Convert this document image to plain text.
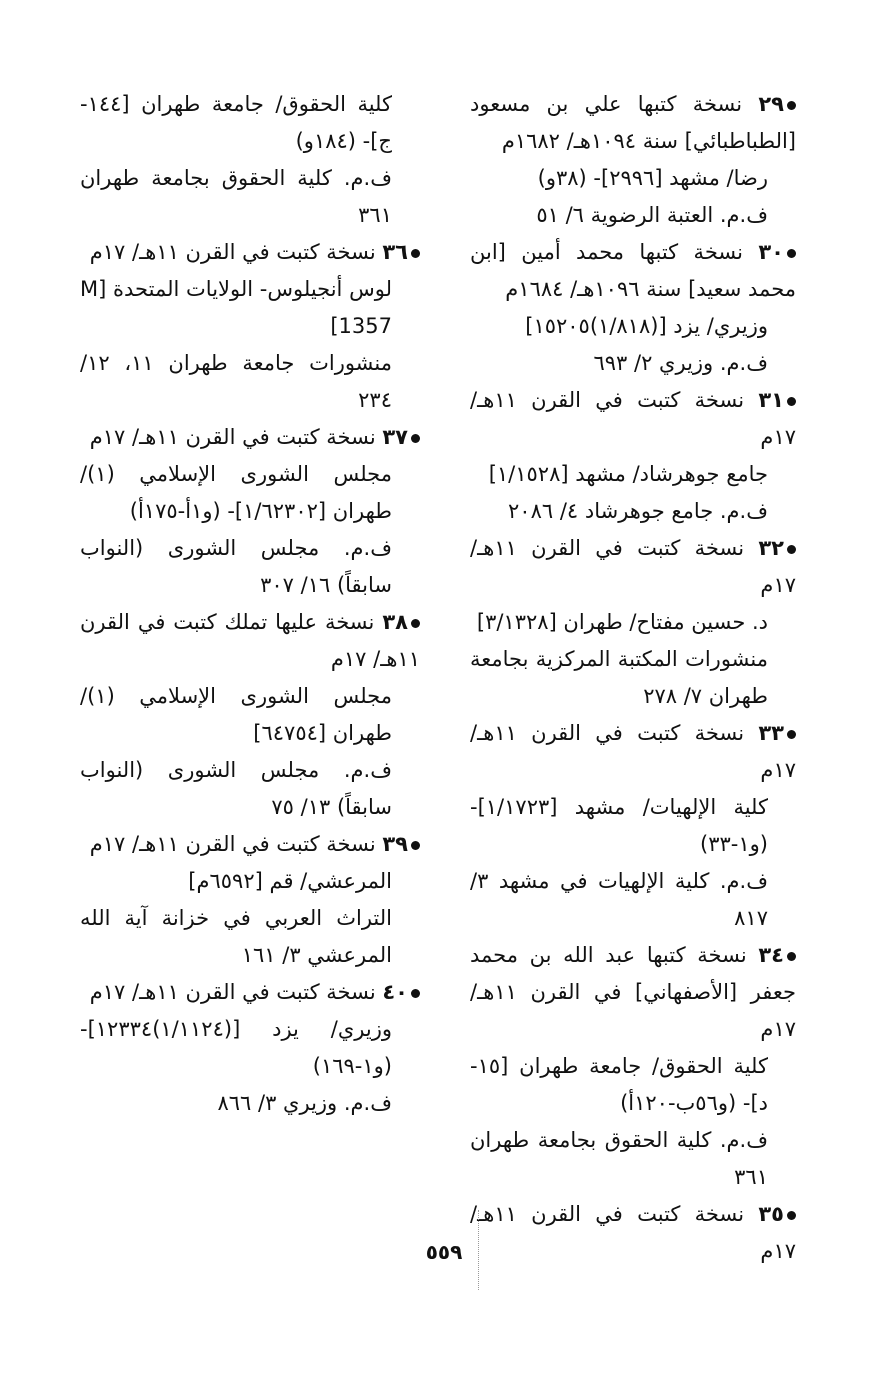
٢٩ نسخة كتبها علي بن مسعود [الطباطبائي] سنة ١٠٩٤هـ/ ١٦٨٢م
رضا/ مشهد [٢٩٩٦]- (٣٨و)
ف.م. العتبة الرضوية ٦/ ٥١
٣٠ نسخة كتبها محمد أمين [ابن محمد سعيد] سنة ١٠٩٦هـ/ ١٦٨٤م
وزيري/ يزد [(١/٨١٨)١٥٢٠٥]
ف.م. وزيري ٢/ ٦٩٣
٣١ نسخة كتبت في القرن ١١هـ/ ١٧م
جامع جوهرشاد/ مشهد [١/١٥٢٨]
ف.م. جامع جوهرشاد ٤/ ٢٠٨٦
٣٢ نسخة كتبت في القرن ١١هـ/ ١٧م
د. حسين مفتاح/ طهران [٣/١٣٢٨]
منشورات المكتبة المركزية بجامعة طهران ٧/ ٢٧٨
٣٣ نسخة كتبت في القرن ١١هـ/ ١٧م
كلية الإلهيات/ مشهد [١/١٧٢٣]- (و١-٣٣)
ف.م. كلية الإلهيات في مشهد ٣/ ٨١٧
٣٤ نسخة كتبها عبد الله بن محمد جعفر [الأصفهاني] في القرن ١١هـ/ ١٧م
كلية الحقوق/ جامعة طهران [١٥-د]- (و٥٦ب-١٢٠أ)
ف.م. كلية الحقوق بجامعة طهران ٣٦١
٣٥ نسخة كتبت في القرن ١١هـ/ ١٧م
كلية الحقوق/ جامعة طهران [١٤٤-ج]- (١٨٤و)
ف.م. كلية الحقوق بجامعة طهران ٣٦١
٣٦ نسخة كتبت في القرن ١١هـ/ ١٧م
لوس أنجيلوس- الولايات المتحدة [M 1357]
منشورات جامعة طهران ١١، ١٢/ ٢٣٤
٣٧ نسخة كتبت في القرن ١١هـ/ ١٧م
مجلس الشورى الإسلامي (١)/ طهران [١/٦٢٣٠٢]- (و١أ-١٧٥أ)
ف.م. مجلس الشورى (النواب سابقاً) ١٦/ ٣٠٧
٣٨ نسخة عليها تملك كتبت في القرن ١١هـ/ ١٧م
مجلس الشورى الإسلامي (١)/ طهران [٦٤٧٥٤]
ف.م. مجلس الشورى (النواب سابقاً) ١٣/ ٧٥
٣٩ نسخة كتبت في القرن ١١هـ/ ١٧م
المرعشي/ قم [٦٥٩٢م]
التراث العربي في خزانة آية الله المرعشي ٣/ ١٦١
٤٠ نسخة كتبت في القرن ١١هـ/ ١٧م
وزيري/ يزد [(١/١١٢٤)١٢٣٣٤]- (و١-١٦٩)
ف.م. وزيري ٣/ ٨٦٦
٥٥٩
